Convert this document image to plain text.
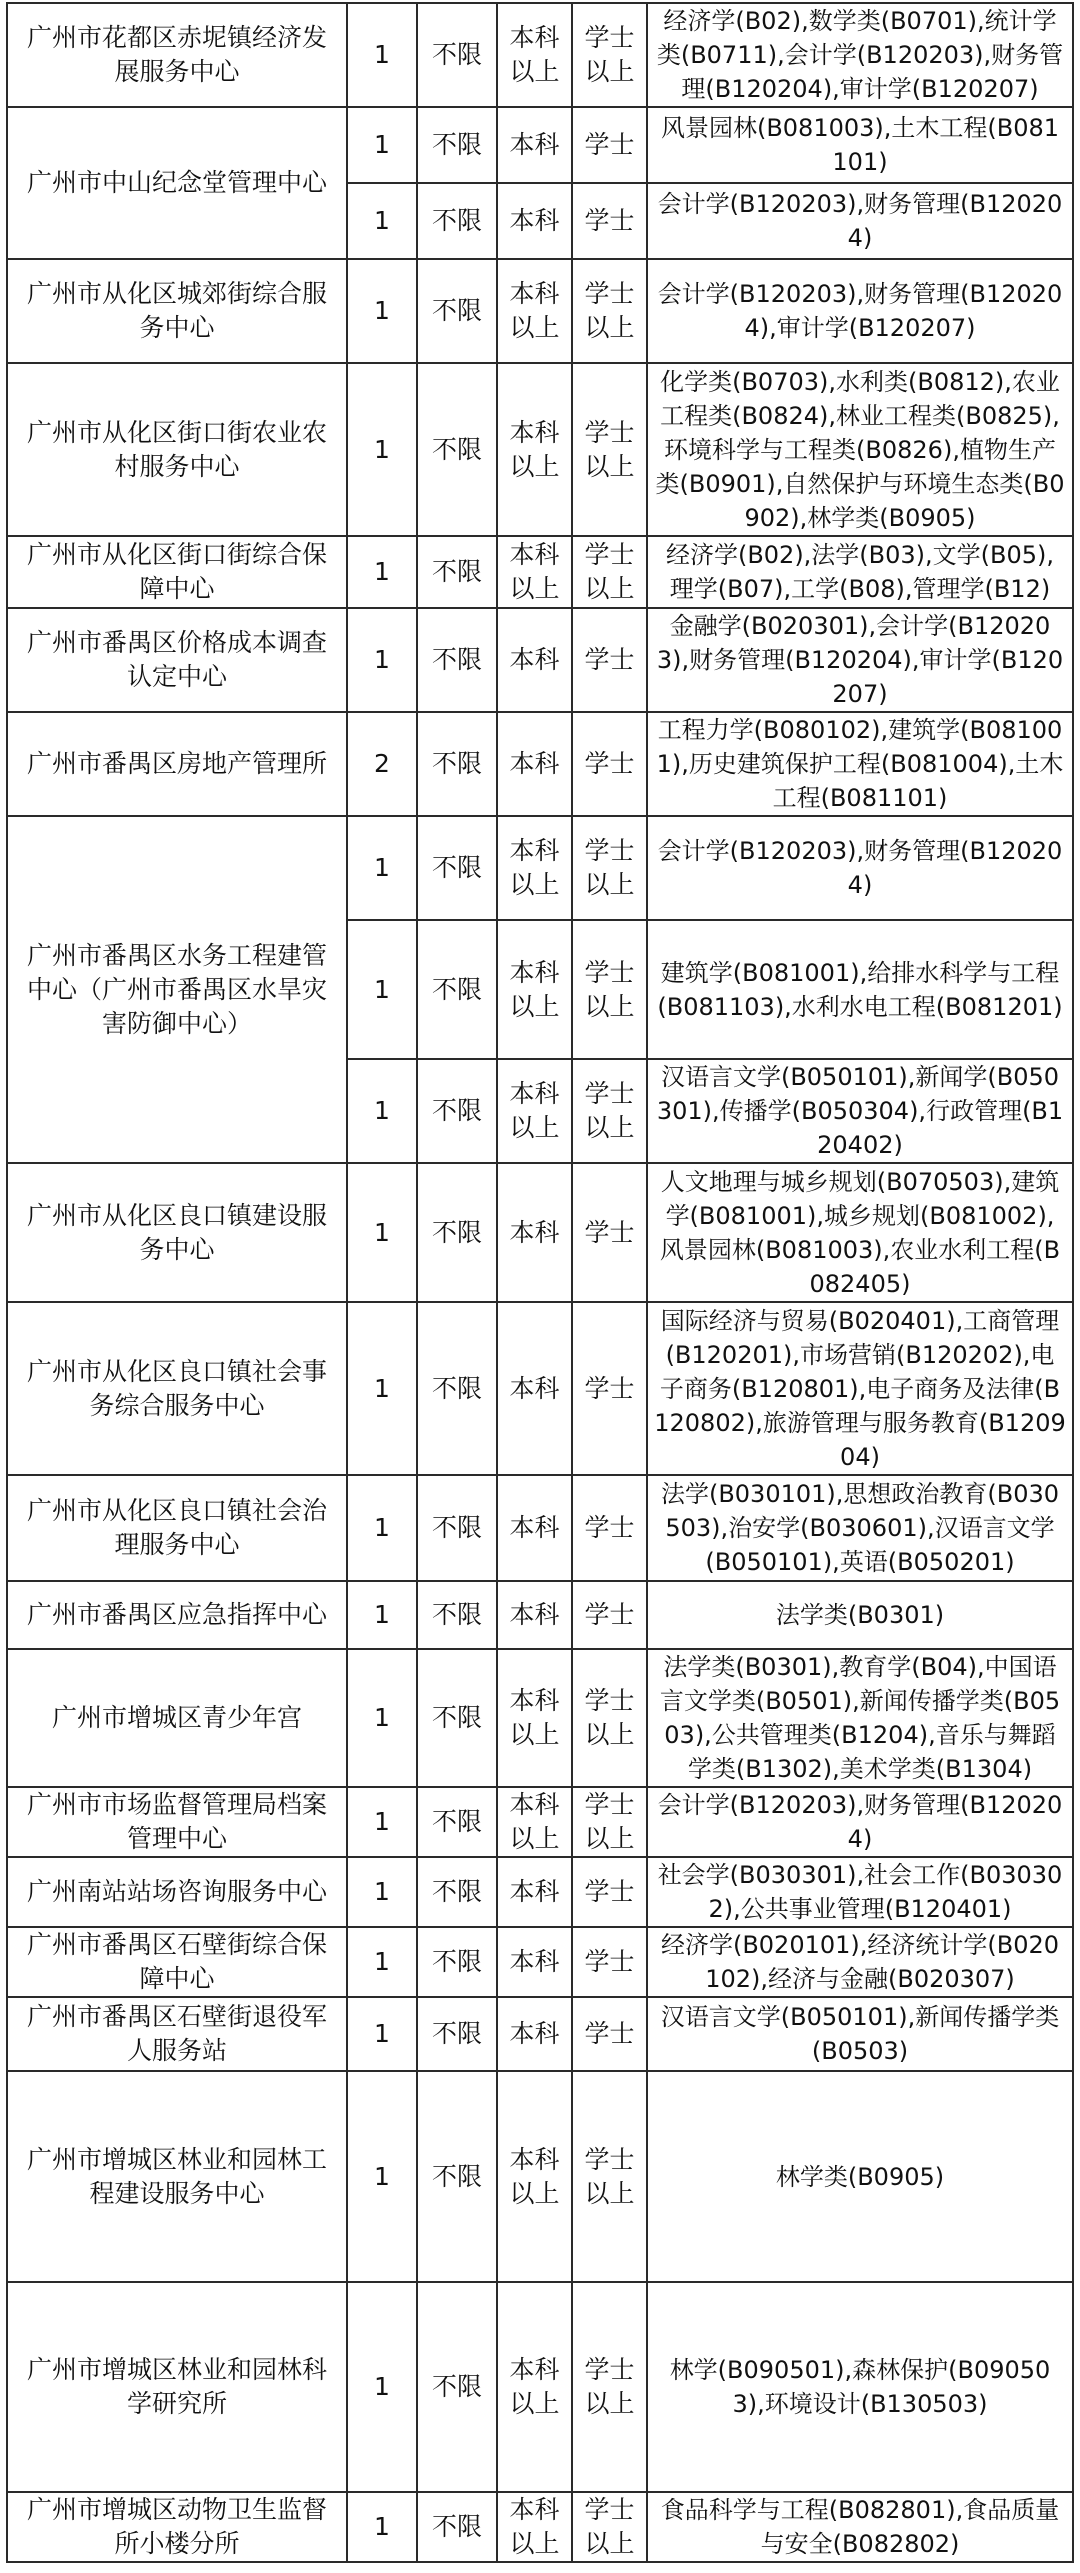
广州市花都区赤坭镇经济发展服务中心	1	不限	本科以上	学士以上	经济学(B02),数学类(B0701),统计学类(B0711),会计学(B120203),财务管理(B120204),审计学(B120207)
广州市中山纪念堂管理中心	1	不限	本科	学士	风景园林(B081003),土木工程(B081101)
	1	不限	本科	学士	会计学(B120203),财务管理(B120204)
广州市从化区城郊街综合服务中心	1	不限	本科以上	学士以上	会计学(B120203),财务管理(B120204),审计学(B120207)
广州市从化区街口街农业农村服务中心	1	不限	本科以上	学士以上	化学类(B0703),水利类(B0812),农业工程类(B0824),林业工程类(B0825),环境科学与工程类(B0826),植物生产类(B0901),自然保护与环境生态类(B0902),林学类(B0905)
广州市从化区街口街综合保障中心	1	不限	本科以上	学士以上	经济学(B02),法学(B03),文学(B05),理学(B07),工学(B08),管理学(B12)
广州市番禺区价格成本调查认定中心	1	不限	本科	学士	金融学(B020301),会计学(B120203),财务管理(B120204),审计学(B120207)
广州市番禺区房地产管理所	2	不限	本科	学士	工程力学(B080102),建筑学(B081001),历史建筑保护工程(B081004),土木工程(B081101)
广州市番禺区水务工程建管中心（广州市番禺区水旱灾害防御中心）	1	不限	本科以上	学士以上	会计学(B120203),财务管理(B120204)
	1	不限	本科以上	学士以上	建筑学(B081001),给排水科学与工程(B081103),水利水电工程(B081201)
	1	不限	本科以上	学士以上	汉语言文学(B050101),新闻学(B050301),传播学(B050304),行政管理(B120402)
广州市从化区良口镇建设服务中心	1	不限	本科	学士	人文地理与城乡规划(B070503),建筑学(B081001),城乡规划(B081002),风景园林(B081003),农业水利工程(B082405)
广州市从化区良口镇社会事务综合服务中心	1	不限	本科	学士	国际经济与贸易(B020401),工商管理(B120201),市场营销(B120202),电子商务(B120801),电子商务及法律(B120802),旅游管理与服务教育(B120904)
广州市从化区良口镇社会治理服务中心	1	不限	本科	学士	法学(B030101),思想政治教育(B030503),治安学(B030601),汉语言文学(B050101),英语(B050201)
广州市番禺区应急指挥中心	1	不限	本科	学士	法学类(B0301)
广州市增城区青少年宫	1	不限	本科以上	学士以上	法学类(B0301),教育学(B04),中国语言文学类(B0501),新闻传播学类(B0503),公共管理类(B1204),音乐与舞蹈学类(B1302),美术学类(B1304)
广州市市场监督管理局档案管理中心	1	不限	本科以上	学士以上	会计学(B120203),财务管理(B120204)
广州南站站场咨询服务中心	1	不限	本科	学士	社会学(B030301),社会工作(B030302),公共事业管理(B120401)
广州市番禺区石壁街综合保障中心	1	不限	本科	学士	经济学(B020101),经济统计学(B020102),经济与金融(B020307)
广州市番禺区石壁街退役军人服务站	1	不限	本科	学士	汉语言文学(B050101),新闻传播学类(B0503)
广州市增城区林业和园林工程建设服务中心	1	不限	本科以上	学士以上	林学类(B0905)
广州市增城区林业和园林科学研究所	1	不限	本科以上	学士以上	林学(B090501),森林保护(B090503),环境设计(B130503)
广州市增城区动物卫生监督所小楼分所	1	不限	本科以上	学士以上	食品科学与工程(B082801),食品质量与安全(B082802)
